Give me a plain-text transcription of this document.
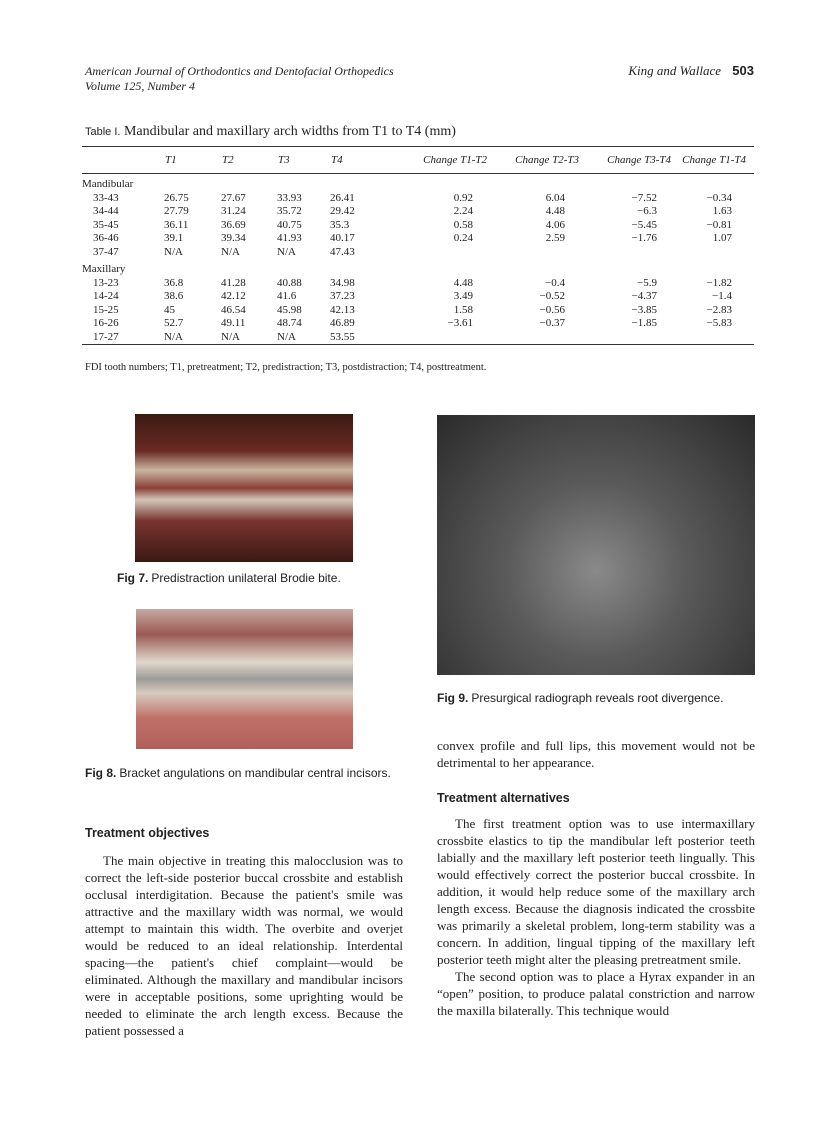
American Journal of Orthodontics and Dentofacial Orthopedics
Volume 125, Number 4
King and Wallace 503
Table I. Mandibular and maxillary arch widths from T1 to T4 (mm)
	T1	T2	T3	T4	Change T1-T2	Change T2-T3	Change T3-T4	Change T1-T4
Mandibular								
33-43	26.75	27.67	33.93	26.41	0.92	6.04	−7.52	−0.34
34-44	27.79	31.24	35.72	29.42	2.24	4.48	−6.3	1.63
35-45	36.11	36.69	40.75	35.3	0.58	4.06	−5.45	−0.81
36-46	39.1	39.34	41.93	40.17	0.24	2.59	−1.76	1.07
37-47	N/A	N/A	N/A	47.43				
Maxillary								
13-23	36.8	41.28	40.88	34.98	4.48	−0.4	−5.9	−1.82
14-24	38.6	42.12	41.6	37.23	3.49	−0.52	−4.37	−1.4
15-25	45	46.54	45.98	42.13	1.58	−0.56	−3.85	−2.83
16-26	52.7	49.11	48.74	46.89	−3.61	−0.37	−1.85	−5.83
17-27	N/A	N/A	N/A	53.55				
FDI tooth numbers; T1, pretreatment; T2, predistraction; T3, postdistraction; T4, posttreatment.
Fig 7. Predistraction unilateral Brodie bite.
Fig 8. Bracket angulations on mandibular central incisors.
Fig 9. Presurgical radiograph reveals root divergence.
Treatment objectives

The main objective in treating this malocclusion was to correct the left-side posterior buccal crossbite and establish occlusal interdigitation. Because the patient's smile was attractive and the maxillary width was normal, we would attempt to maintain this width. The overbite and overjet would be reduced to an ideal relationship. Interdental spacing—the patient's chief complaint—would be eliminated. Although the maxillary and mandibular incisors were in acceptable positions, some uprighting would be needed to eliminate the arch length excess. Because the patient possessed a

convex profile and full lips, this movement would not be detrimental to her appearance.

Treatment alternatives

The first treatment option was to use intermaxillary crossbite elastics to tip the mandibular left posterior teeth labially and the maxillary left posterior teeth lingually. This would effectively correct the posterior buccal crossbite. In addition, it would help reduce some of the maxillary arch length excess. Because the diagnosis indicated the crossbite was primarily a skeletal problem, long-term stability was a concern. In addition, lingual tipping of the maxillary left posterior teeth might alter the pleasing pretreatment smile.

The second option was to place a Hyrax expander in an “open” position, to produce palatal constriction and narrow the maxilla bilaterally. This technique would
